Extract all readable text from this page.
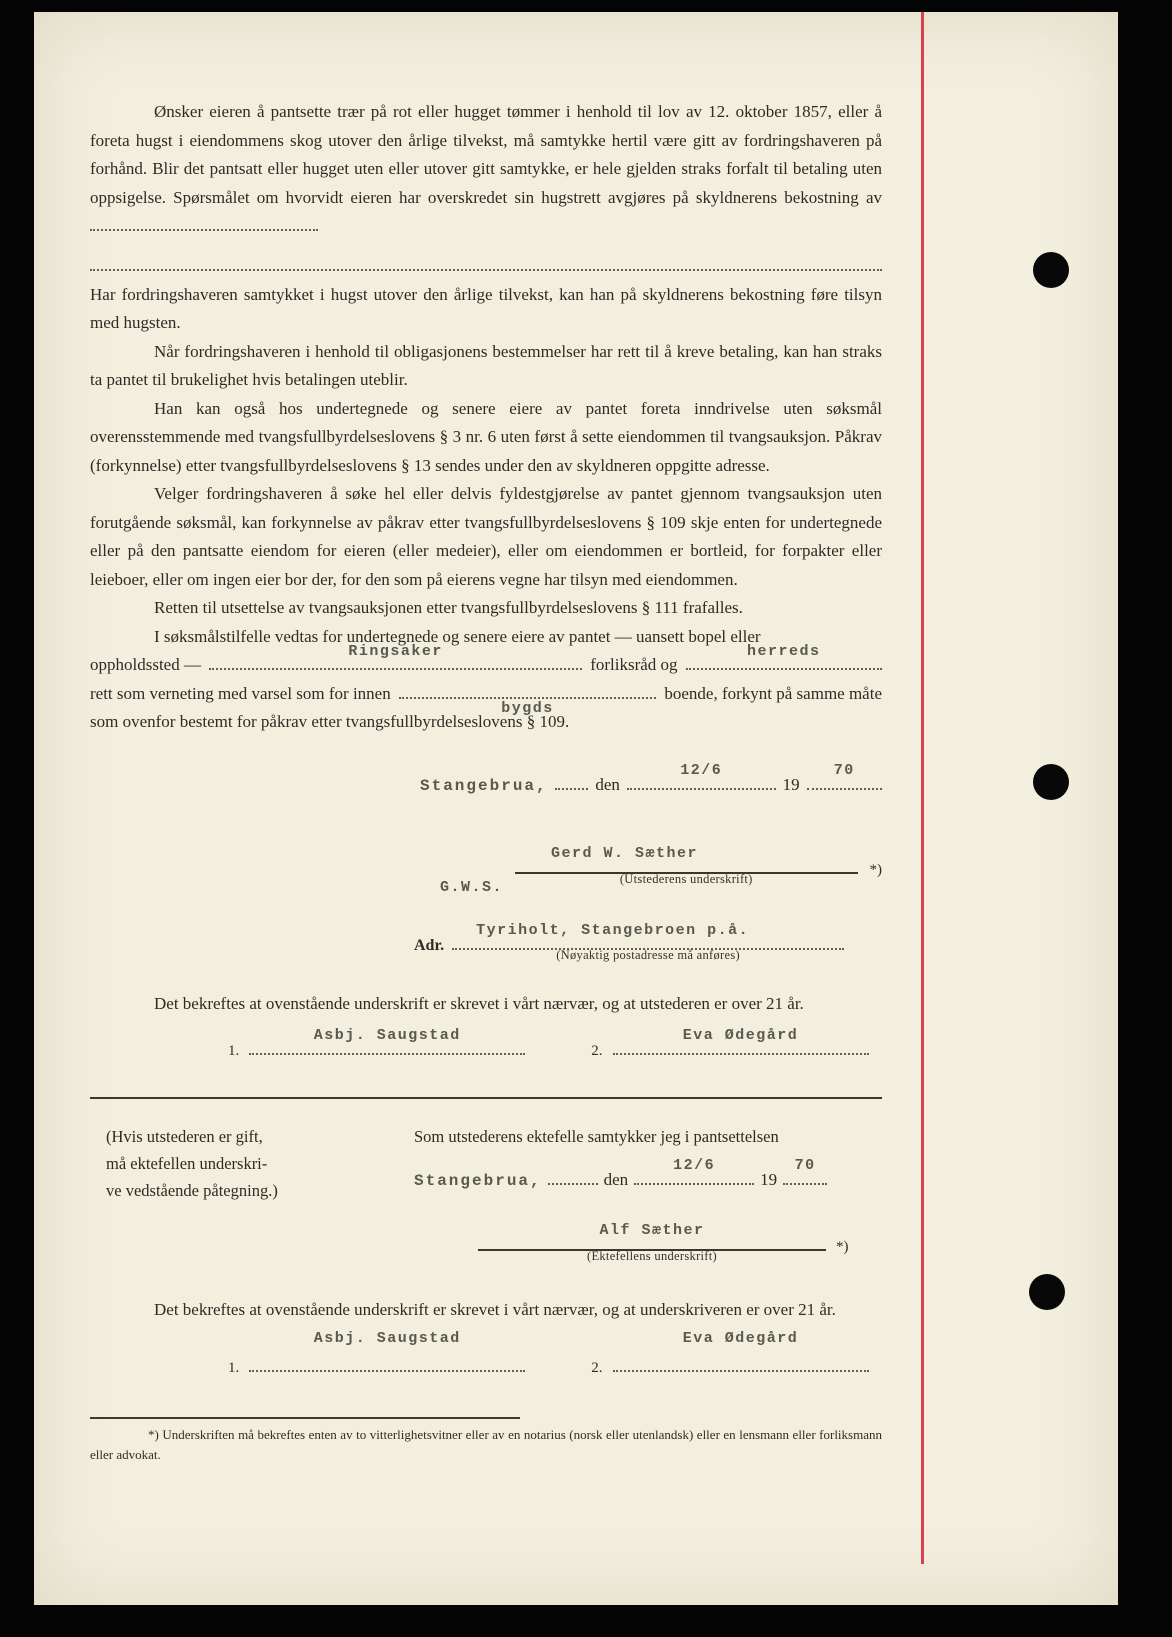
Ønsker eieren å pantsette trær på rot eller hugget tømmer i henhold til lov av 12. oktober 1857, eller å foreta hugst i eiendommens skog utover den årlige tilvekst, må samtykke hertil være gitt av fordringshaveren på forhånd. Blir det pantsatt eller hugget uten eller utover gitt samtykke, er hele gjelden straks forfalt til betaling uten oppsigelse. Spørsmålet om hvorvidt eieren har overskredet sin hugstrett avgjøres på skyldnerens bekostning av

Har fordringshaveren samtykket i hugst utover den årlige tilvekst, kan han på skyldnerens bekostning føre tilsyn med hugsten.

Når fordringshaveren i henhold til obligasjonens bestemmelser har rett til å kreve betaling, kan han straks ta pantet til brukelighet hvis betalingen uteblir.

Han kan også hos undertegnede og senere eiere av pantet foreta inndrivelse uten søksmål overensstemmende med tvangsfullbyrdelseslovens § 3 nr. 6 uten først å sette eiendommen til tvangsauksjon. Påkrav (forkynnelse) etter tvangsfullbyrdelseslovens § 13 sendes under den av skyldneren oppgitte adresse.

Velger fordringshaveren å søke hel eller delvis fyldestgjørelse av pantet gjennom tvangsauksjon uten forutgående søksmål, kan forkynnelse av påkrav etter tvangsfullbyrdelseslovens § 109 skje enten for undertegnede eller på den pantsatte eiendom for eieren (eller medeier), eller om eiendommen er bortleid, for forpakter eller leieboer, eller om ingen eier bor der, for den som på eierens vegne har tilsyn med eiendommen.

Retten til utsettelse av tvangsauksjonen etter tvangsfullbyrdelseslovens § 111 frafalles.

I søksmålstilfelle vedtas for undertegnede og senere eiere av pantet — uansett bopel eller
oppholdssted —
Ringsaker
forliksråd og
herreds
rett som verneting med varsel som for innen
bygds
boende, forkynt på samme måte
som ovenfor bestemt for påkrav etter tvangsfullbyrdelseslovens § 109.
Stangebrua,	den
12/6
19
70
G.W.S.
Gerd W. Sæther
(Utstederens underskrift)
*)
Adr.
Tyriholt, Stangebroen p.å.
(Nøyaktig postadresse må anføres)

Det bekreftes at ovenstående underskrift er skrevet i vårt nærvær, og at utstederen er over 21 år.

1.
Asbj. Saugstad
2.
Eva Ødegård
(Hvis utstederen er gift,
må ektefellen underskri-
ve vedstående påtegning.)
Som utstederens ektefelle samtykker jeg i pantsettelsen
Stangebrua,	den
12/6
19
70
Alf Sæther
(Ektefellens underskrift)
*)

Det bekreftes at ovenstående underskrift er skrevet i vårt nærvær, og at underskriveren er over 21 år.

1.
Asbj. Saugstad
2.
Eva Ødegård

*) Underskriften må bekreftes enten av to vitterlighetsvitner eller av en notarius (norsk eller utenlandsk) eller en lensmann eller forliksmann eller advokat.
